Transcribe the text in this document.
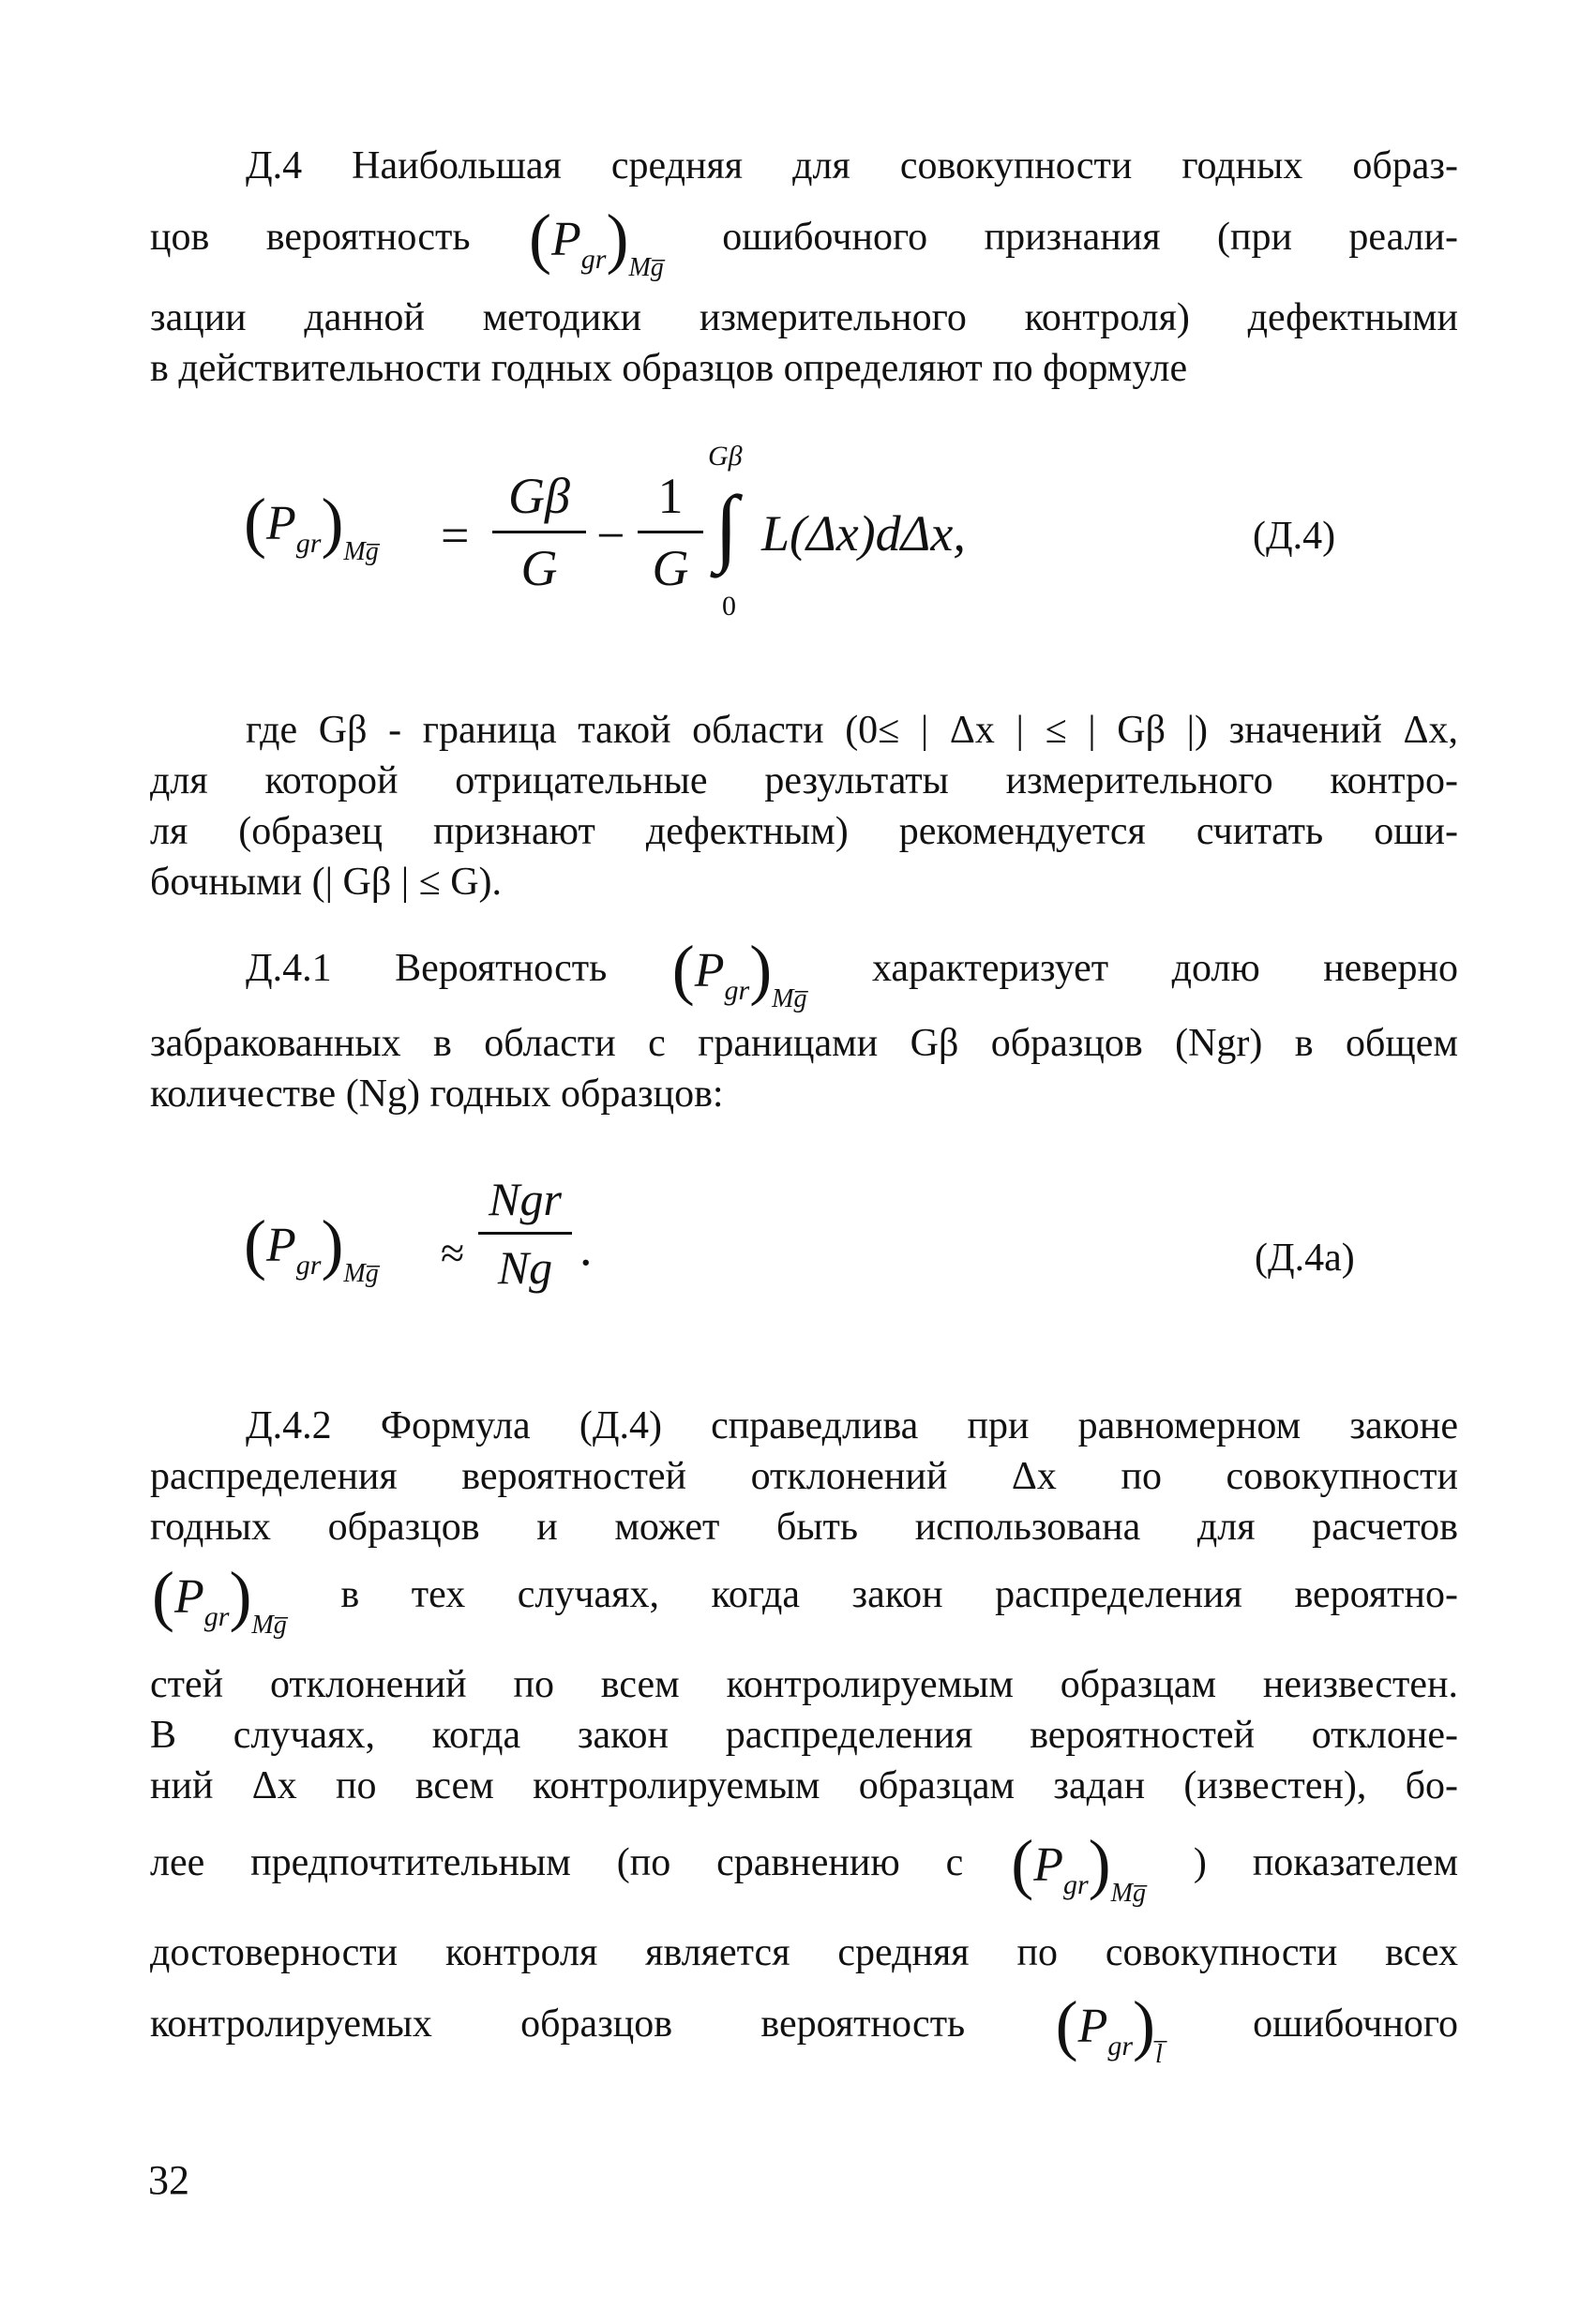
Д.4 Наибольшая средняя для совокупности годных образ-
цов вероятность $(P_{gr})_{Mg̅}$ ошибочного признания (при реали-
зации данной методики измерительного контроля) дефектными
в действительности годных образцов определяют по формуле
$(P_{gr})_{Mg̅}$ =
Gβ
G
−
1
G
Gβ
∫
0
L(Δx)dΔx,	(Д.4)
где Gβ - граница такой области (0≤ | Δx | ≤ | Gβ |) значений Δx,
для которой отрицательные результаты измерительного контро-
ля (образец признают дефектным) рекомендуется считать оши-
бочными (| Gβ | ≤ G).
Д.4.1 Вероятность $(P_{gr})_{Mg̅}$ характеризует долю неверно
забракованных в области с границами Gβ образцов (Ngr) в общем
количестве (Ng) годных образцов:
$(P_{gr})_{Mg̅}$ ≈
Ngr
Ng .	(Д.4а)
Д.4.2 Формула (Д.4) справедлива при равномерном законе
распределения вероятностей отклонений Δx по совокупности
годных образцов и может быть использована для расчетов
$(P_{gr})_{Mg̅}$ в тех случаях, когда закон распределения вероятно-
стей отклонений по всем контролируемым образцам неизвестен.
В случаях, когда закон распределения вероятностей отклоне-
ний Δx по всем контролируемым образцам задан (известен), бо-
лее предпочтительным (по сравнению с $(P_{gr})_{Mg̅}$ ) показателем
достоверности контроля является средняя по совокупности всех
контролируемых образцов вероятность $(P_{gr})_{l̅}$ ошибочного
32
